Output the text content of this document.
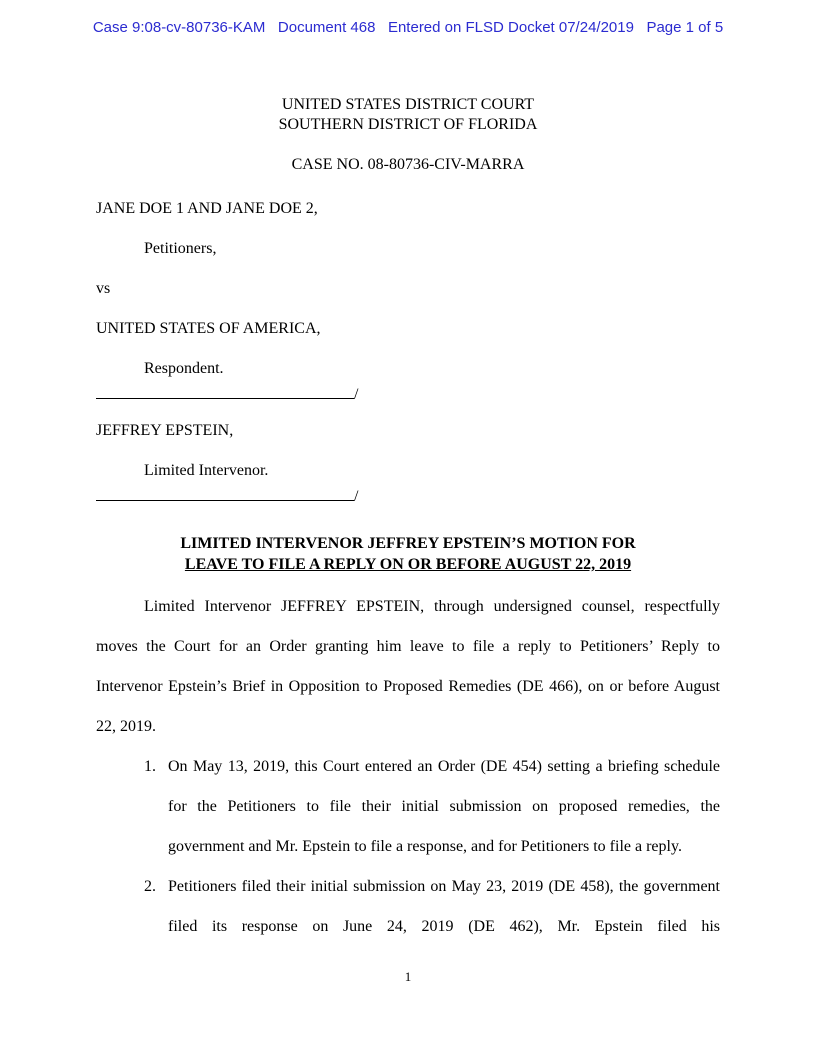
Case 9:08-cv-80736-KAM   Document 468   Entered on FLSD Docket 07/24/2019   Page 1 of 5
UNITED STATES DISTRICT COURT
SOUTHERN DISTRICT OF FLORIDA
CASE NO. 08-80736-CIV-MARRA
JANE DOE 1 AND JANE DOE 2,
Petitioners,
vs
UNITED STATES OF AMERICA,
Respondent.
/
JEFFREY EPSTEIN,
Limited Intervenor.
/
LIMITED INTERVENOR JEFFREY EPSTEIN’S MOTION FOR
LEAVE TO FILE A REPLY ON OR BEFORE AUGUST 22, 2019

Limited Intervenor JEFFREY EPSTEIN, through undersigned counsel, respectfully moves the Court for an Order granting him leave to file a reply to Petitioners’ Reply to Intervenor Epstein’s Brief in Opposition to Proposed Remedies (DE 466), on or before August 22, 2019.

1. On May 13, 2019, this Court entered an Order (DE 454) setting a briefing schedule for the Petitioners to file their initial submission on proposed remedies, the government and Mr. Epstein to file a response, and for Petitioners to file a reply.
2. Petitioners filed their initial submission on May 23, 2019 (DE 458), the government filed its response on June 24, 2019 (DE 462), Mr. Epstein filed his
1
